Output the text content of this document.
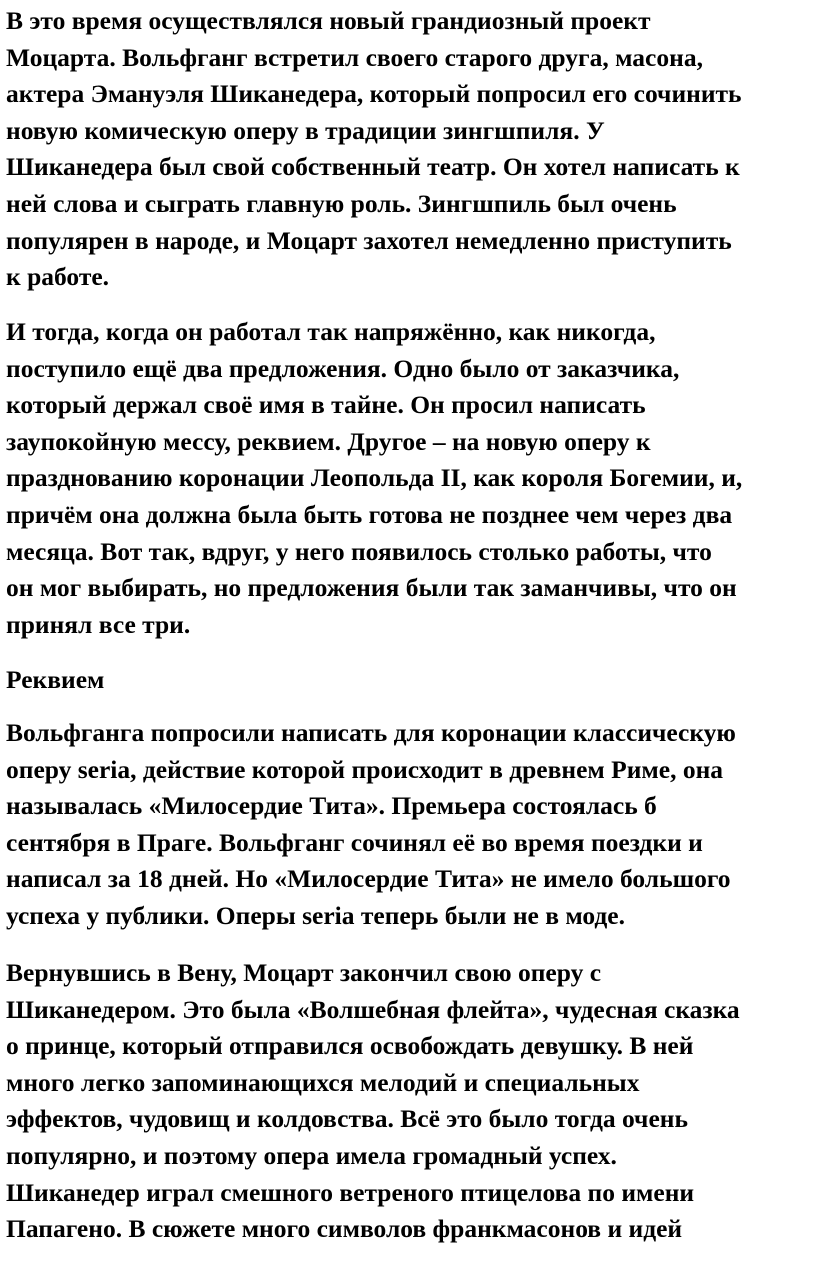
В это время осуществлялся новый грандиозный проект
Моцарта. Вольфганг встретил своего старого друга, масона,
актера Эмануэля Шиканедера, который попросил его сочинить
новую комическую оперу в традиции зингшпиля. У
Шиканедера был свой собственный театр. Он хотел написать к
ней слова и сыграть главную роль. Зингшпиль был очень
популярен в народе, и Моцарт захотел немедленно приступить
к работе.

И тогда, когда он работал так напряжённо, как никогда,
поступило ещё два предложения. Одно было от заказчика,
который держал своё имя в тайне. Он просил написать
заупокойную мессу, реквием. Другое – на новую оперу к
празднованию коронации Леопольда II, как короля Богемии, и,
причём она должна была быть готова не позднее чем через два
месяца. Вот так, вдруг, у него появилось столько работы, что
он мог выбирать, но предложения были так заманчивы, что он
принял все три.

Реквием

Вольфганга попросили написать для коронации классическую
оперу seria, действие которой происходит в древнем Риме, она
называлась «Милосердие Тита». Премьера состоялась б
сентября в Праге. Вольфганг сочинял её во время поездки и
написал за 18 дней. Но «Милосердие Тита» не имело большого
успеха у публики. Оперы seria теперь были не в моде.

Вернувшись в Вену, Моцарт закончил свою оперу с
Шиканедером. Это была «Волшебная флейта», чудесная сказка
о принце, который отправился освобождать девушку. В ней
много легко запоминающихся мелодий и специальных
эффектов, чудовищ и колдовства. Всё это было тогда очень
популярно, и поэтому опера имела громадный успех.
Шиканедер играл смешного ветреного птицелова по имени
Папагено. В сюжете много символов франкмасонов и идей
